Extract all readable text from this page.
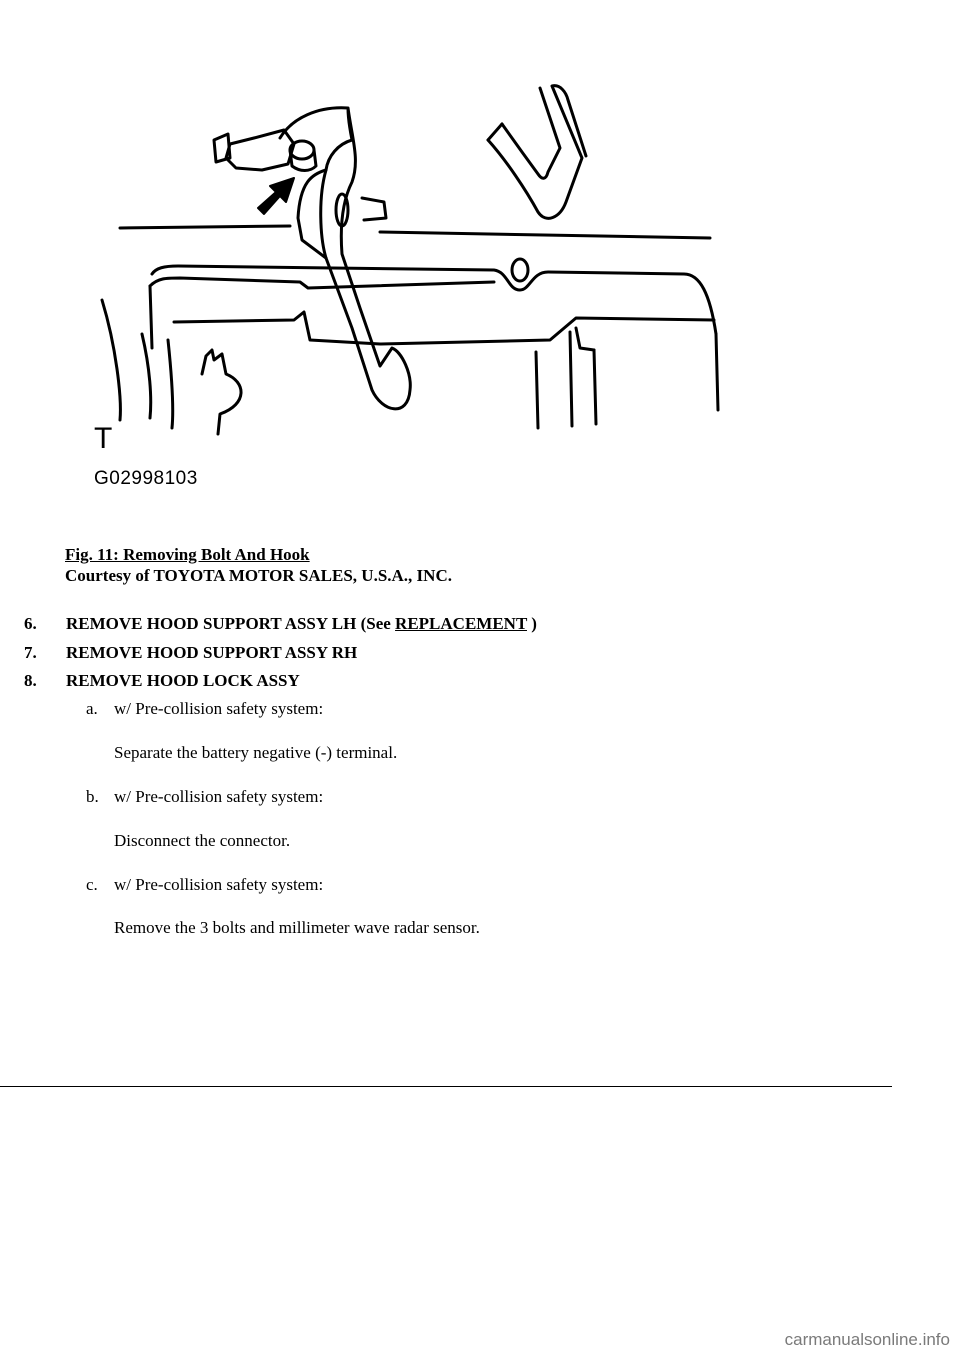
T
G02998103
Fig. 11: Removing Bolt And Hook
Courtesy of TOYOTA MOTOR SALES, U.S.A., INC.
6.	REMOVE HOOD SUPPORT ASSY LH (See REPLACEMENT )
7.	REMOVE HOOD SUPPORT ASSY RH
8.	REMOVE HOOD LOCK ASSY
a. w/ Pre-collision safety system:
Separate the battery negative (-) terminal.
b. w/ Pre-collision safety system:
Disconnect the connector.
c. w/ Pre-collision safety system:
Remove the 3 bolts and millimeter wave radar sensor.
carmanualsonline.info
